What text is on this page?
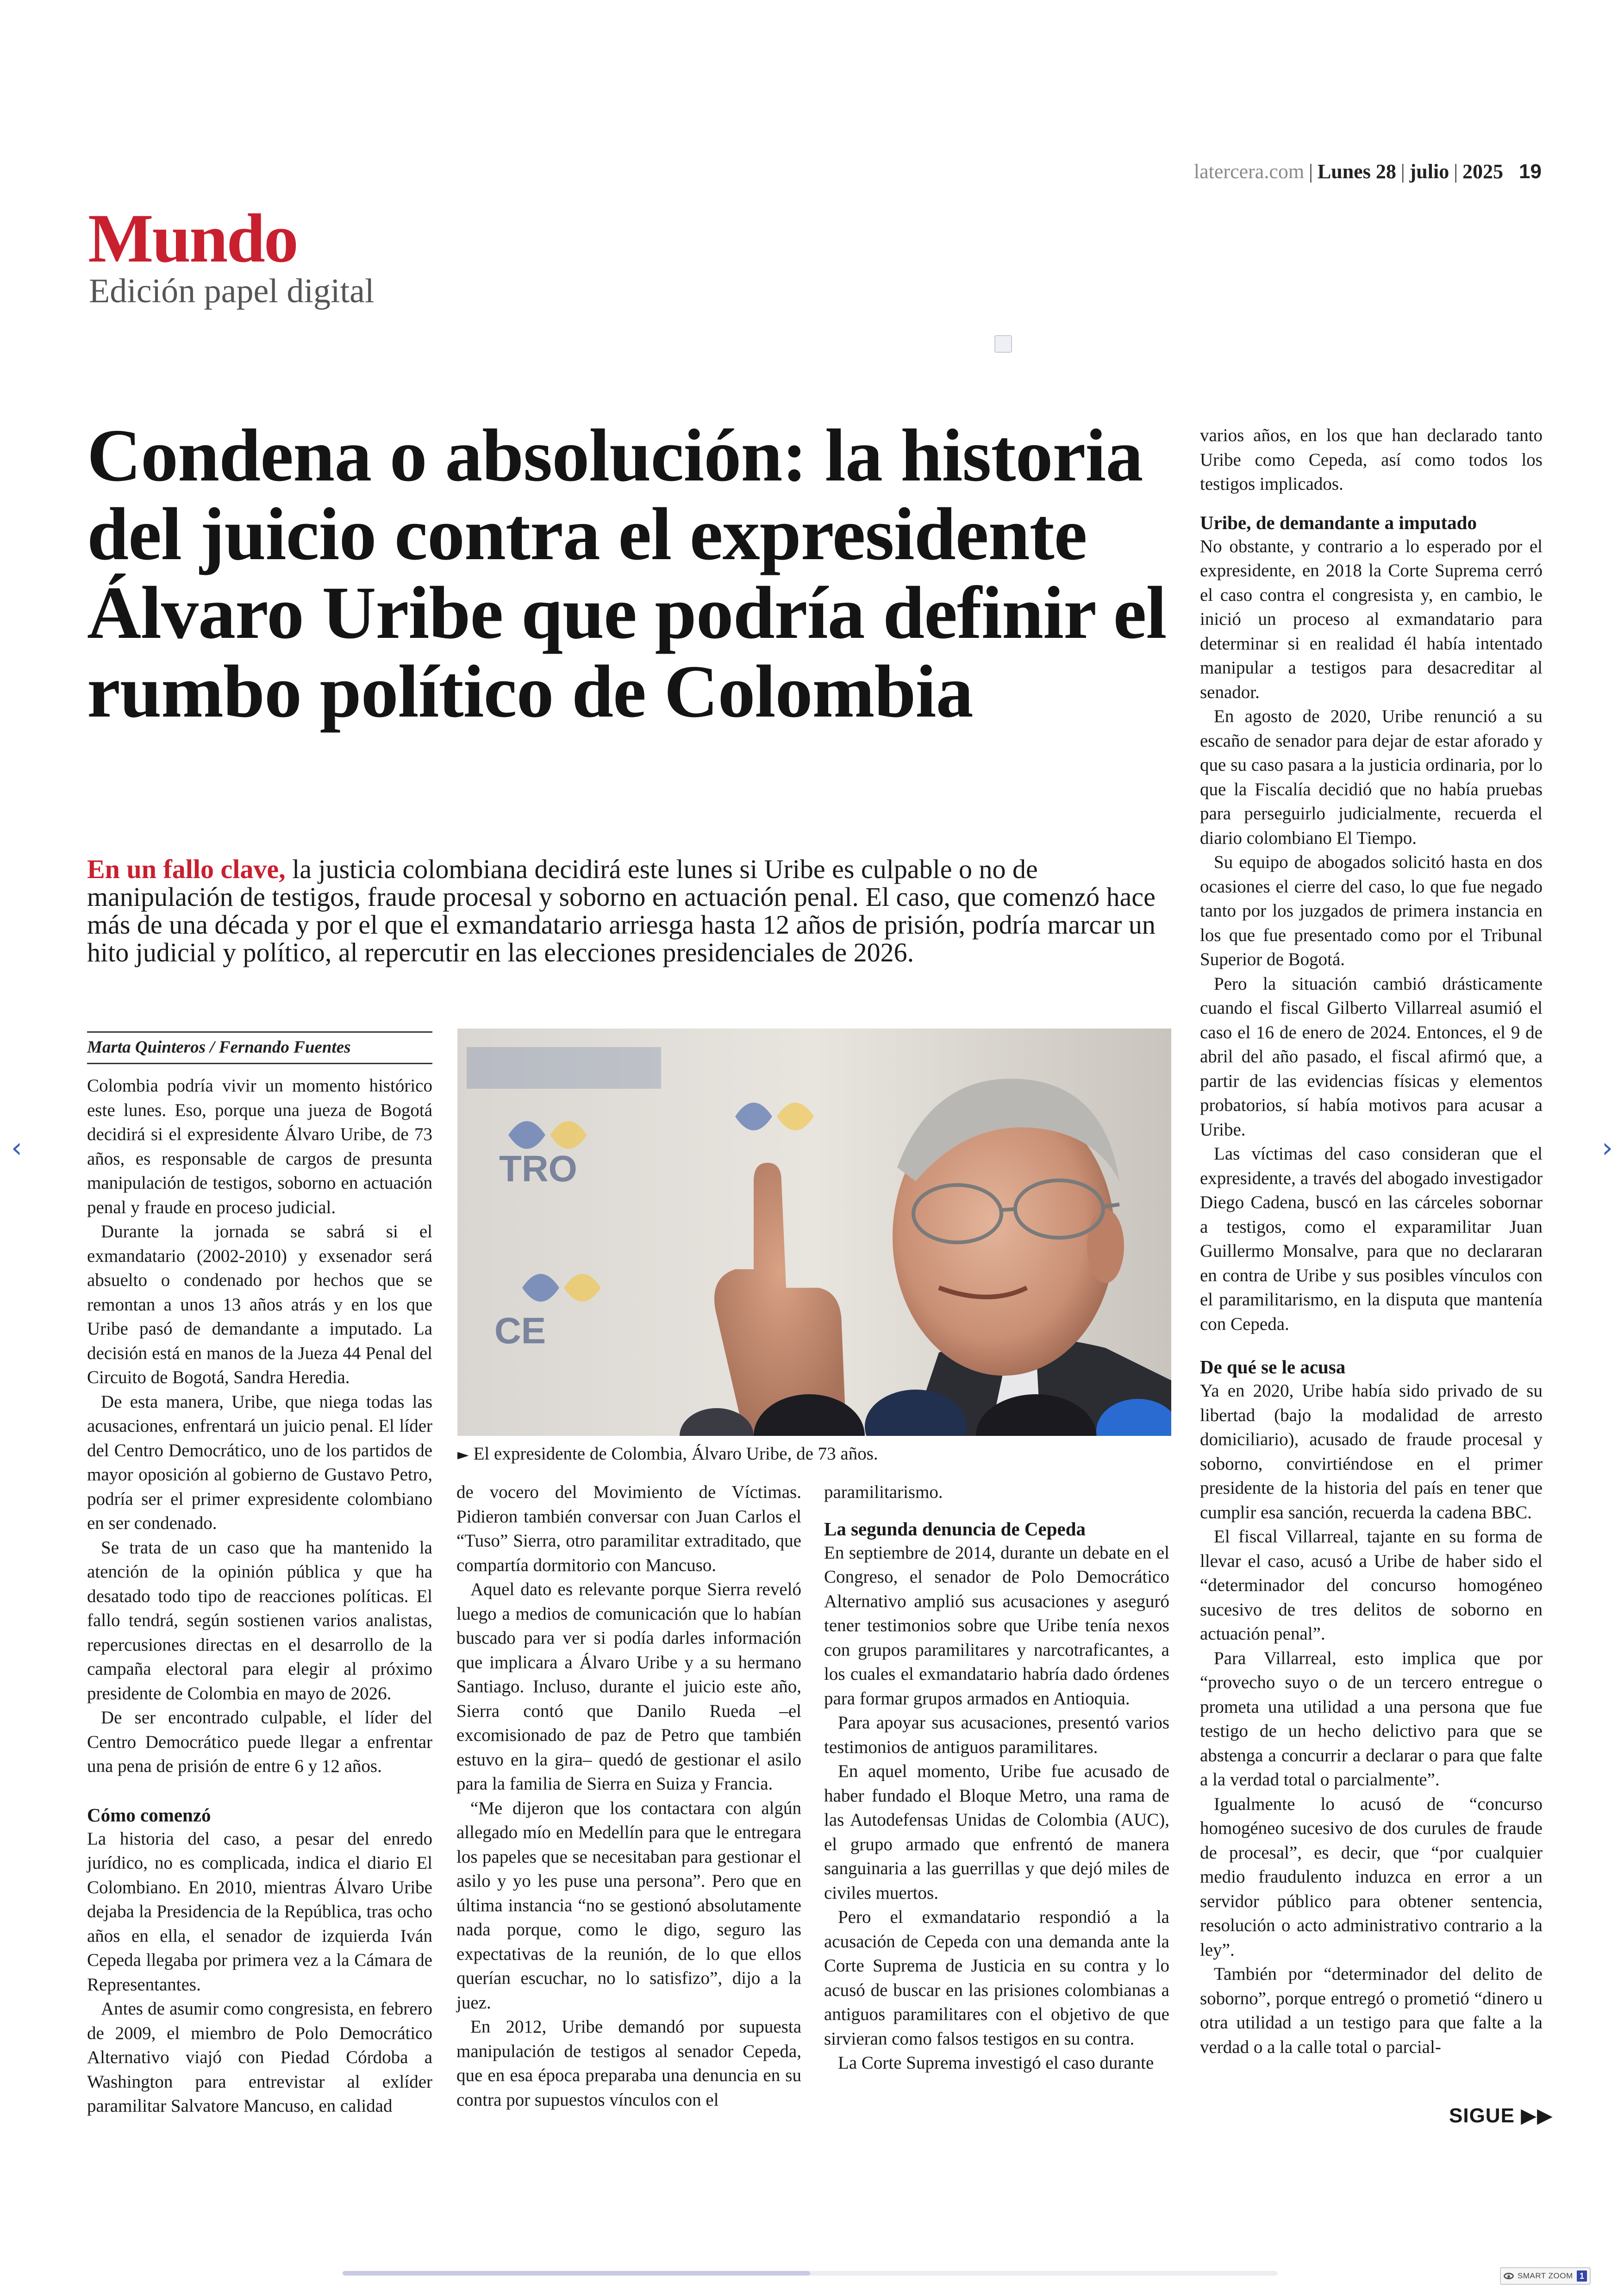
latercera.com | Lunes 28 | julio | 2025 19
Mundo
Edición papel digital
Condena o absolución: la historia del juicio contra el expresidente Álvaro Uribe que podría definir el rumbo político de Colombia
En un fallo clave, la justicia colombiana decidirá este lunes si Uribe es culpable o no de manipulación de testigos, fraude procesal y soborno en actuación penal. El caso, que comenzó hace más de una década y por el que el exmandatario arriesga hasta 12 años de prisión, podría marcar un hito judicial y político, al repercutir en las elecciones presidenciales de 2026.
Marta Quinteros / Fernando Fuentes

Colombia podría vivir un momento histórico este lunes. Eso, porque una jueza de Bogotá decidirá si el expresidente Álvaro Uribe, de 73 años, es responsable de cargos de presunta manipulación de testigos, soborno en actuación penal y fraude en proceso judicial.

Durante la jornada se sabrá si el exmandatario (2002-2010) y exsenador será absuelto o condenado por hechos que se remontan a unos 13 años atrás y en los que Uribe pasó de demandante a imputado. La decisión está en manos de la Jueza 44 Penal del Circuito de Bogotá, Sandra Heredia.

De esta manera, Uribe, que niega todas las acusaciones, enfrentará un juicio penal. El líder del Centro Democrático, uno de los partidos de mayor oposición al gobierno de Gustavo Petro, podría ser el primer expresidente colombiano en ser condenado.

Se trata de un caso que ha mantenido la atención de la opinión pública y que ha desatado todo tipo de reacciones políticas. El fallo tendrá, según sostienen varios analistas, repercusiones directas en el desarrollo de la campaña electoral para elegir al próximo presidente de Colombia en mayo de 2026.

De ser encontrado culpable, el líder del Centro Democrático puede llegar a enfrentar una pena de prisión de entre 6 y 12 años.

Cómo comenzó

La historia del caso, a pesar del enredo jurídico, no es complicada, indica el diario El Colombiano. En 2010, mientras Álvaro Uribe dejaba la Presidencia de la República, tras ocho años en ella, el senador de izquierda Iván Cepeda llegaba por primera vez a la Cámara de Representantes.

Antes de asumir como congresista, en febrero de 2009, el miembro de Polo Democrático Alternativo viajó con Piedad Córdoba a Washington para entrevistar al exlíder paramilitar Salvatore Mancuso, en calidad

TRO
CE
► El expresidente de Colombia, Álvaro Uribe, de 73 años.

de vocero del Movimiento de Víctimas. Pidieron también conversar con Juan Carlos el “Tuso” Sierra, otro paramilitar extraditado, que compartía dormitorio con Mancuso.

Aquel dato es relevante porque Sierra reveló luego a medios de comunicación que lo habían buscado para ver si podía darles información que implicara a Álvaro Uribe y a su hermano Santiago. Incluso, durante el juicio este año, Sierra contó que Danilo Rueda –el excomisionado de paz de Petro que también estuvo en la gira– quedó de gestionar el asilo para la familia de Sierra en Suiza y Francia.

“Me dijeron que los contactara con algún allegado mío en Medellín para que le entregara los papeles que se necesitaban para gestionar el asilo y yo les puse una persona”. Pero que en última instancia “no se gestionó absolutamente nada porque, como le digo, seguro las expectativas de la reunión, de lo que ellos querían escuchar, no lo satisfizo”, dijo a la juez.

En 2012, Uribe demandó por supuesta manipulación de testigos al senador Cepeda, que en esa época preparaba una denuncia en su contra por supuestos vínculos con el

paramilitarismo.

La segunda denuncia de Cepeda

En septiembre de 2014, durante un debate en el Congreso, el senador de Polo Democrático Alternativo amplió sus acusaciones y aseguró tener testimonios sobre que Uribe tenía nexos con grupos paramilitares y narcotraficantes, a los cuales el exmandatario habría dado órdenes para formar grupos armados en Antioquia.

Para apoyar sus acusaciones, presentó varios testimonios de antiguos paramilitares.

En aquel momento, Uribe fue acusado de haber fundado el Bloque Metro, una rama de las Autodefensas Unidas de Colombia (AUC), el grupo armado que enfrentó de manera sanguinaria a las guerrillas y que dejó miles de civiles muertos.

Pero el exmandatario respondió a la acusación de Cepeda con una demanda ante la Corte Suprema de Justicia en su contra y lo acusó de buscar en las prisiones colombianas a antiguos paramilitares con el objetivo de que sirvieran como falsos testigos en su contra.

La Corte Suprema investigó el caso durante

varios años, en los que han declarado tanto Uribe como Cepeda, así como todos los testigos implicados.

Uribe, de demandante a imputado

No obstante, y contrario a lo esperado por el expresidente, en 2018 la Corte Suprema cerró el caso contra el congresista y, en cambio, le inició un proceso al exmandatario para determinar si en realidad él había intentado manipular a testigos para desacreditar al senador.

En agosto de 2020, Uribe renunció a su escaño de senador para dejar de estar aforado y que su caso pasara a la justicia ordinaria, por lo que la Fiscalía decidió que no había pruebas para perseguirlo judicialmente, recuerda el diario colombiano El Tiempo.

Su equipo de abogados solicitó hasta en dos ocasiones el cierre del caso, lo que fue negado tanto por los juzgados de primera instancia en los que fue presentado como por el Tribunal Superior de Bogotá.

Pero la situación cambió drásticamente cuando el fiscal Gilberto Villarreal asumió el caso el 16 de enero de 2024. Entonces, el 9 de abril del año pasado, el fiscal afirmó que, a partir de las evidencias físicas y elementos probatorios, sí había motivos para acusar a Uribe.

Las víctimas del caso consideran que el expresidente, a través del abogado investigador Diego Cadena, buscó en las cárceles sobornar a testigos, como el exparamilitar Juan Guillermo Monsalve, para que no declararan en contra de Uribe y sus posibles vínculos con el paramilitarismo, en la disputa que mantenía con Cepeda.

De qué se le acusa

Ya en 2020, Uribe había sido privado de su libertad (bajo la modalidad de arresto domiciliario), acusado de fraude procesal y soborno, convirtiéndose en el primer presidente de la historia del país en tener que cumplir esa sanción, recuerda la cadena BBC.

El fiscal Villarreal, tajante en su forma de llevar el caso, acusó a Uribe de haber sido el “determinador del concurso homogéneo sucesivo de tres delitos de soborno en actuación penal”.

Para Villarreal, esto implica que por “provecho suyo o de un tercero entregue o prometa una utilidad a una persona que fue testigo de un hecho delictivo para que se abstenga a concurrir a declarar o para que falte a la verdad total o parcialmente”.

Igualmente lo acusó de “concurso homogéneo sucesivo de dos curules de fraude de procesal”, es decir, que “por cualquier medio fraudulento induzca en error a un servidor público para obtener sentencia, resolución o acto administrativo contrario a la ley”.

También por “determinador del delito de soborno”, porque entregó o prometió “dinero u otra utilidad a un testigo para que falte a la verdad o a la calle total o parcial-

SIGUE ▶▶
‹	›
SMART ZOOM 1
